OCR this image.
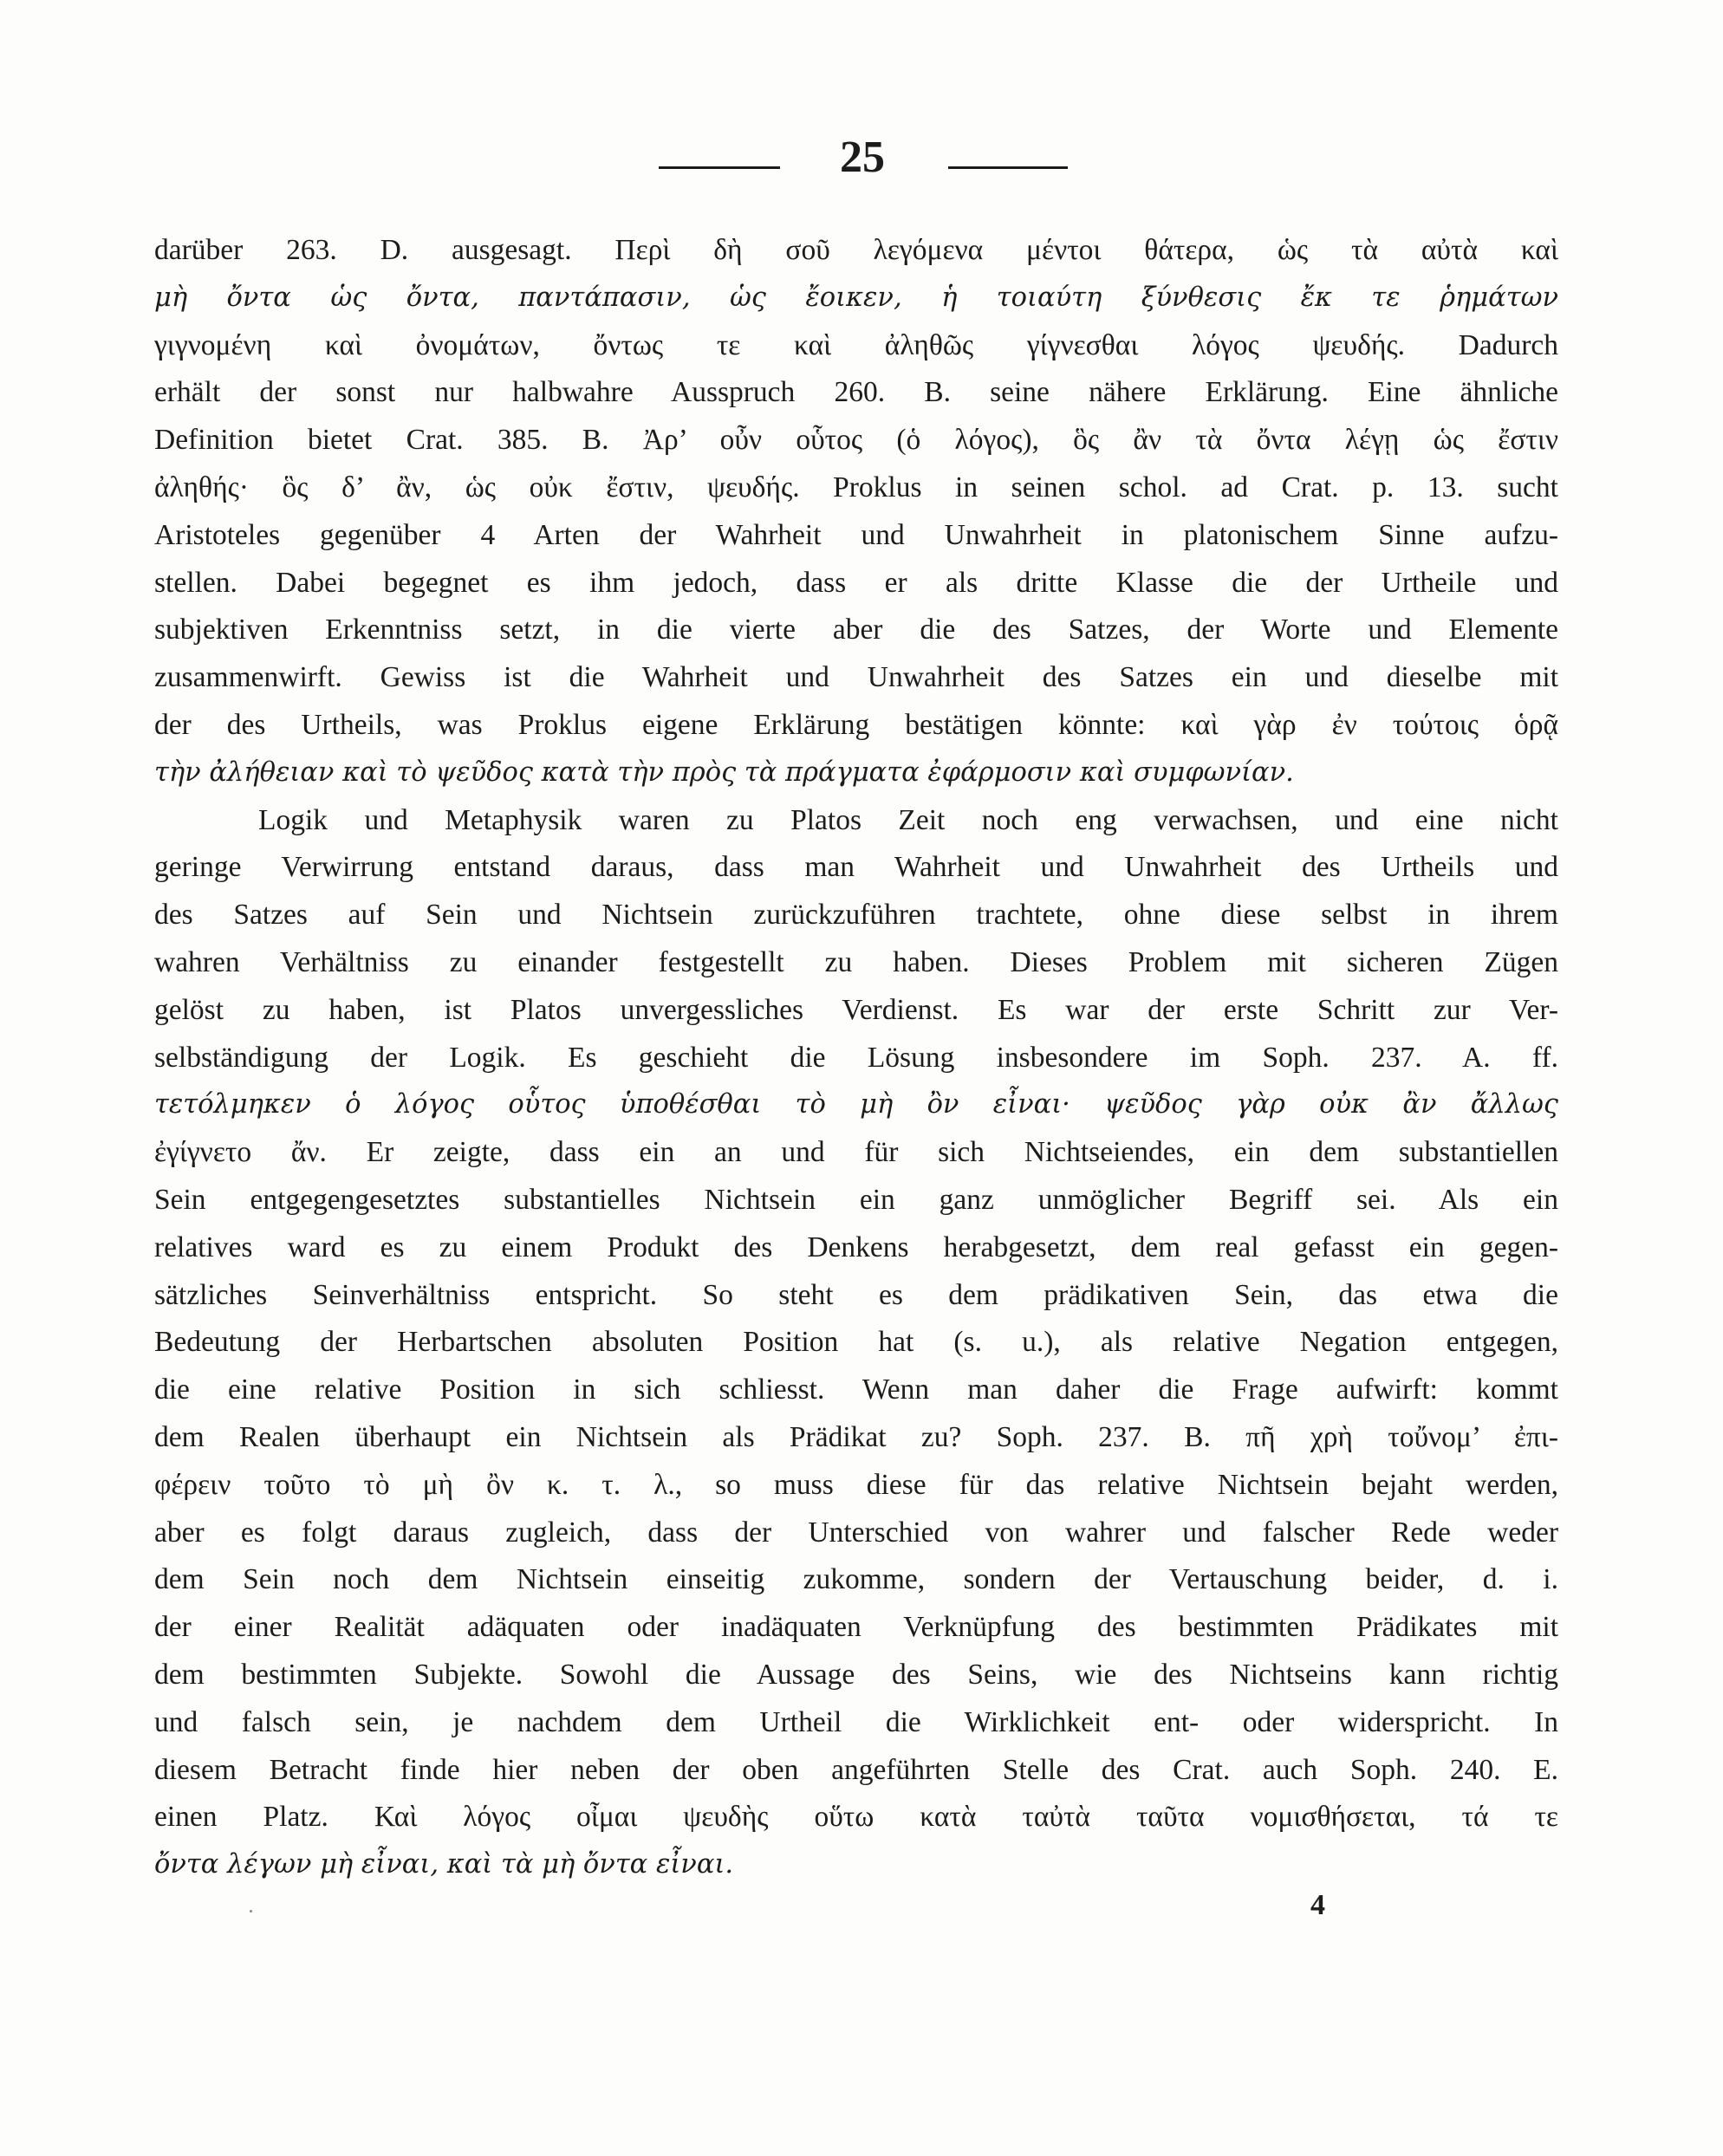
25
darüber 263. D. ausgesagt. Περὶ δὴ σοῦ λεγόμενα μέντοι θάτερα, ὡς τὰ αὐτὰ καὶ
μὴ ὄντα ὡς ὄντα, παντάπασιν, ὡς ἔοικεν, ἡ τοιαύτη ξύνθεσις ἔκ τε ῥημάτων
γιγνομένη καὶ ὀνομάτων, ὄντως τε καὶ ἀληθῶς γίγνεσθαι λόγος ψευδής. Dadurch
erhält der sonst nur halbwahre Ausspruch 260. B. seine nähere Erklärung. Eine ähnliche
Definition bietet Crat. 385. B. Ἀρ’ οὖν οὗτος (ὁ λόγος), ὃς ἂν τὰ ὄντα λέγῃ ὡς ἔστιν
ἀληθής· ὃς δ’ ἂν, ὡς οὐκ ἔστιν, ψευδής. Proklus in seinen schol. ad Crat. p. 13. sucht
Aristoteles gegenüber 4 Arten der Wahrheit und Unwahrheit in platonischem Sinne aufzu-
stellen. Dabei begegnet es ihm jedoch, dass er als dritte Klasse die der Urtheile und
subjektiven Erkenntniss setzt, in die vierte aber die des Satzes, der Worte und Elemente
zusammenwirft. Gewiss ist die Wahrheit und Unwahrheit des Satzes ein und dieselbe mit
der des Urtheils, was Proklus eigene Erklärung bestätigen könnte: καὶ γὰρ ἐν τούτοις ὁρᾷ
τὴν ἀλήθειαν καὶ τὸ ψεῦδος κατὰ τὴν πρὸς τὰ πράγματα ἐφάρμοσιν καὶ συμφωνίαν.
Logik und Metaphysik waren zu Platos Zeit noch eng verwachsen, und eine nicht
geringe Verwirrung entstand daraus, dass man Wahrheit und Unwahrheit des Urtheils und
des Satzes auf Sein und Nichtsein zurückzuführen trachtete, ohne diese selbst in ihrem
wahren Verhältniss zu einander festgestellt zu haben. Dieses Problem mit sicheren Zügen
gelöst zu haben, ist Platos unvergessliches Verdienst. Es war der erste Schritt zur Ver-
selbständigung der Logik. Es geschieht die Lösung insbesondere im Soph. 237. A. ff.
τετόλμηκεν ὁ λόγος οὗτος ὑποθέσθαι τὸ μὴ ὂν εἶναι· ψεῦδος γὰρ οὐκ ἂν ἄλλως
ἐγίγνετο ἄν. Er zeigte, dass ein an und für sich Nichtseiendes, ein dem substantiellen
Sein entgegengesetztes substantielles Nichtsein ein ganz unmöglicher Begriff sei. Als ein
relatives ward es zu einem Produkt des Denkens herabgesetzt, dem real gefasst ein gegen-
sätzliches Seinverhältniss entspricht. So steht es dem prädikativen Sein, das etwa die
Bedeutung der Herbartschen absoluten Position hat (s. u.), als relative Negation entgegen,
die eine relative Position in sich schliesst. Wenn man daher die Frage aufwirft: kommt
dem Realen überhaupt ein Nichtsein als Prädikat zu? Soph. 237. B. πῆ χρὴ τοὔνομ’ ἐπι-
φέρειν τοῦτο τὸ μὴ ὂν κ. τ. λ., so muss diese für das relative Nichtsein bejaht werden,
aber es folgt daraus zugleich, dass der Unterschied von wahrer und falscher Rede weder
dem Sein noch dem Nichtsein einseitig zukomme, sondern der Vertauschung beider, d. i.
der einer Realität adäquaten oder inadäquaten Verknüpfung des bestimmten Prädikates mit
dem bestimmten Subjekte. Sowohl die Aussage des Seins, wie des Nichtseins kann richtig
und falsch sein, je nachdem dem Urtheil die Wirklichkeit ent- oder widerspricht. In
diesem Betracht finde hier neben der oben angeführten Stelle des Crat. auch Soph. 240. E.
einen Platz. Καὶ λόγος οἶμαι ψευδὴς οὕτω κατὰ ταὐτὰ ταῦτα νομισθήσεται, τά τε
ὄντα λέγων μὴ εἶναι, καὶ τὰ μὴ ὄντα εἶναι.
4
